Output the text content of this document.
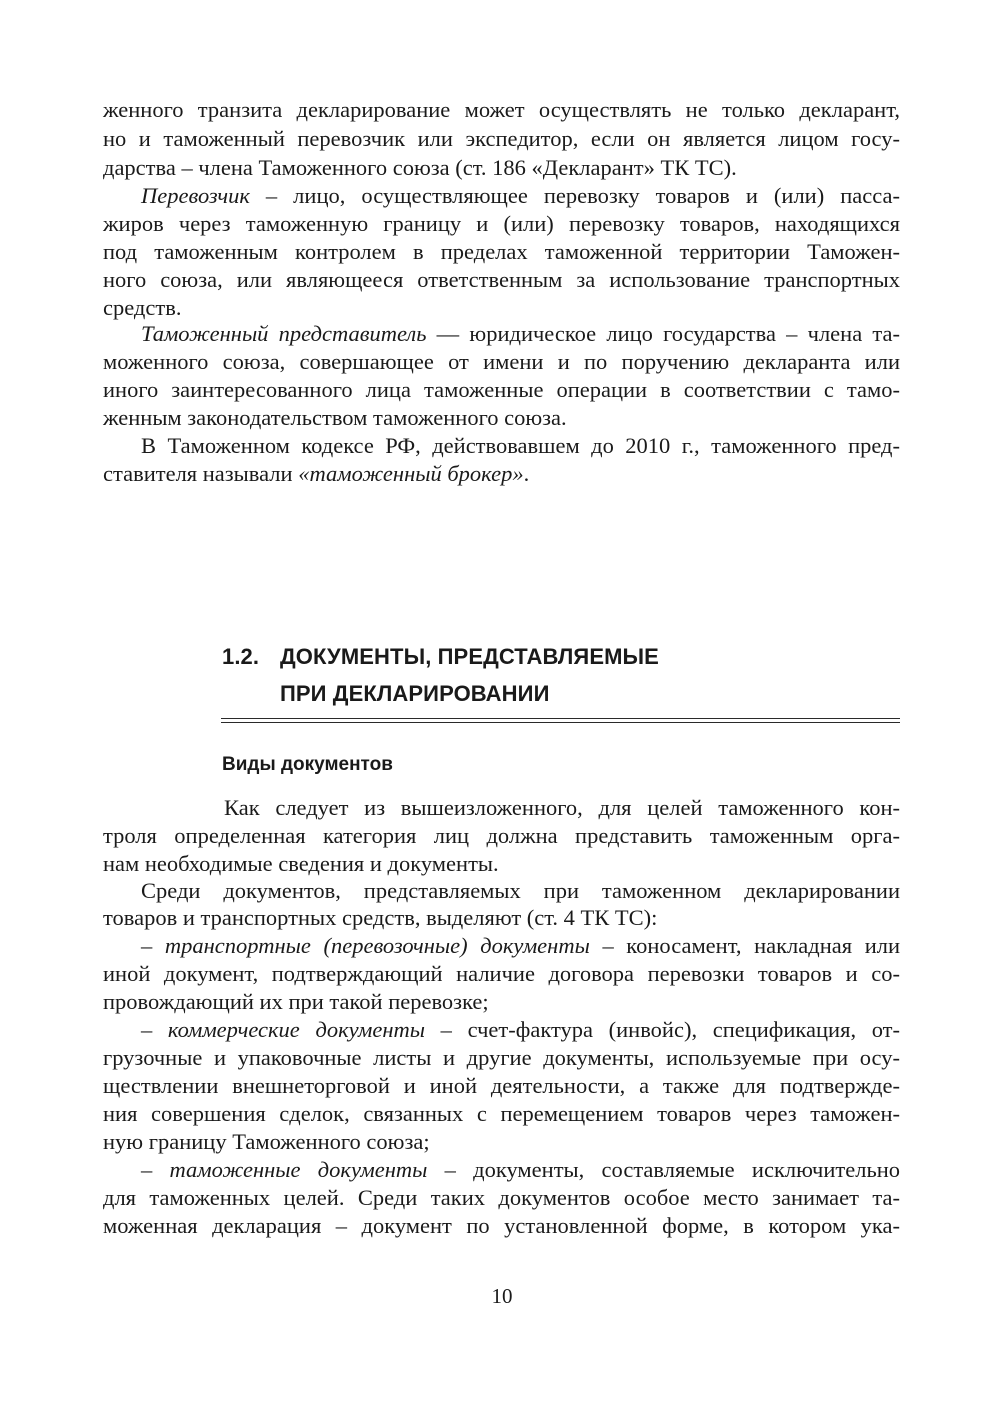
женного транзита декларирование может осуществлять не только декларант,
но и таможенный перевозчик или экспедитор, если он является лицом госу-
дарства – члена Таможенного союза (ст. 186 «Декларант» ТК ТС).
Перевозчик – лицо, осуществляющее перевозку товаров и (или) пасса-
жиров через таможенную границу и (или) перевозку товаров, находящихся
под таможенным контролем в пределах таможенной территории Таможен-
ного союза, или являющееся ответственным за использование транспортных
средств.
Таможенный представитель — юридическое лицо государства – члена та-
моженного союза, совершающее от имени и по поручению декларанта или
иного заинтересованного лица таможенные операции в соответствии с тамо-
женным законодательством таможенного союза.
В Таможенном кодексе РФ, действовавшем до 2010 г., таможенного пред-
ставителя называли «таможенный брокер».
1.2. ДОКУМЕНТЫ, ПРЕДСТАВЛЯЕМЫЕ
ПРИ ДЕКЛАРИРОВАНИИ
Виды документов
Как следует из вышеизложенного, для целей таможенного кон-
троля определенная категория лиц должна представить таможенным орга-
нам необходимые сведения и документы.
Среди документов, представляемых при таможенном декларировании
товаров и транспортных средств, выделяют (ст. 4 ТК ТС):
– транспортные (перевозочные) документы – коносамент, накладная или
иной документ, подтверждающий наличие договора перевозки товаров и со-
провождающий их при такой перевозке;
– коммерческие документы – счет-фактура (инвойс), спецификация, от-
грузочные и упаковочные листы и другие документы, используемые при осу-
ществлении внешнеторговой и иной деятельности, а также для подтвержде-
ния совершения сделок, связанных с перемещением товаров через таможен-
ную границу Таможенного союза;
– таможенные документы – документы, составляемые исключительно
для таможенных целей. Среди таких документов особое место занимает та-
моженная декларация – документ по установленной форме, в котором ука-
10
